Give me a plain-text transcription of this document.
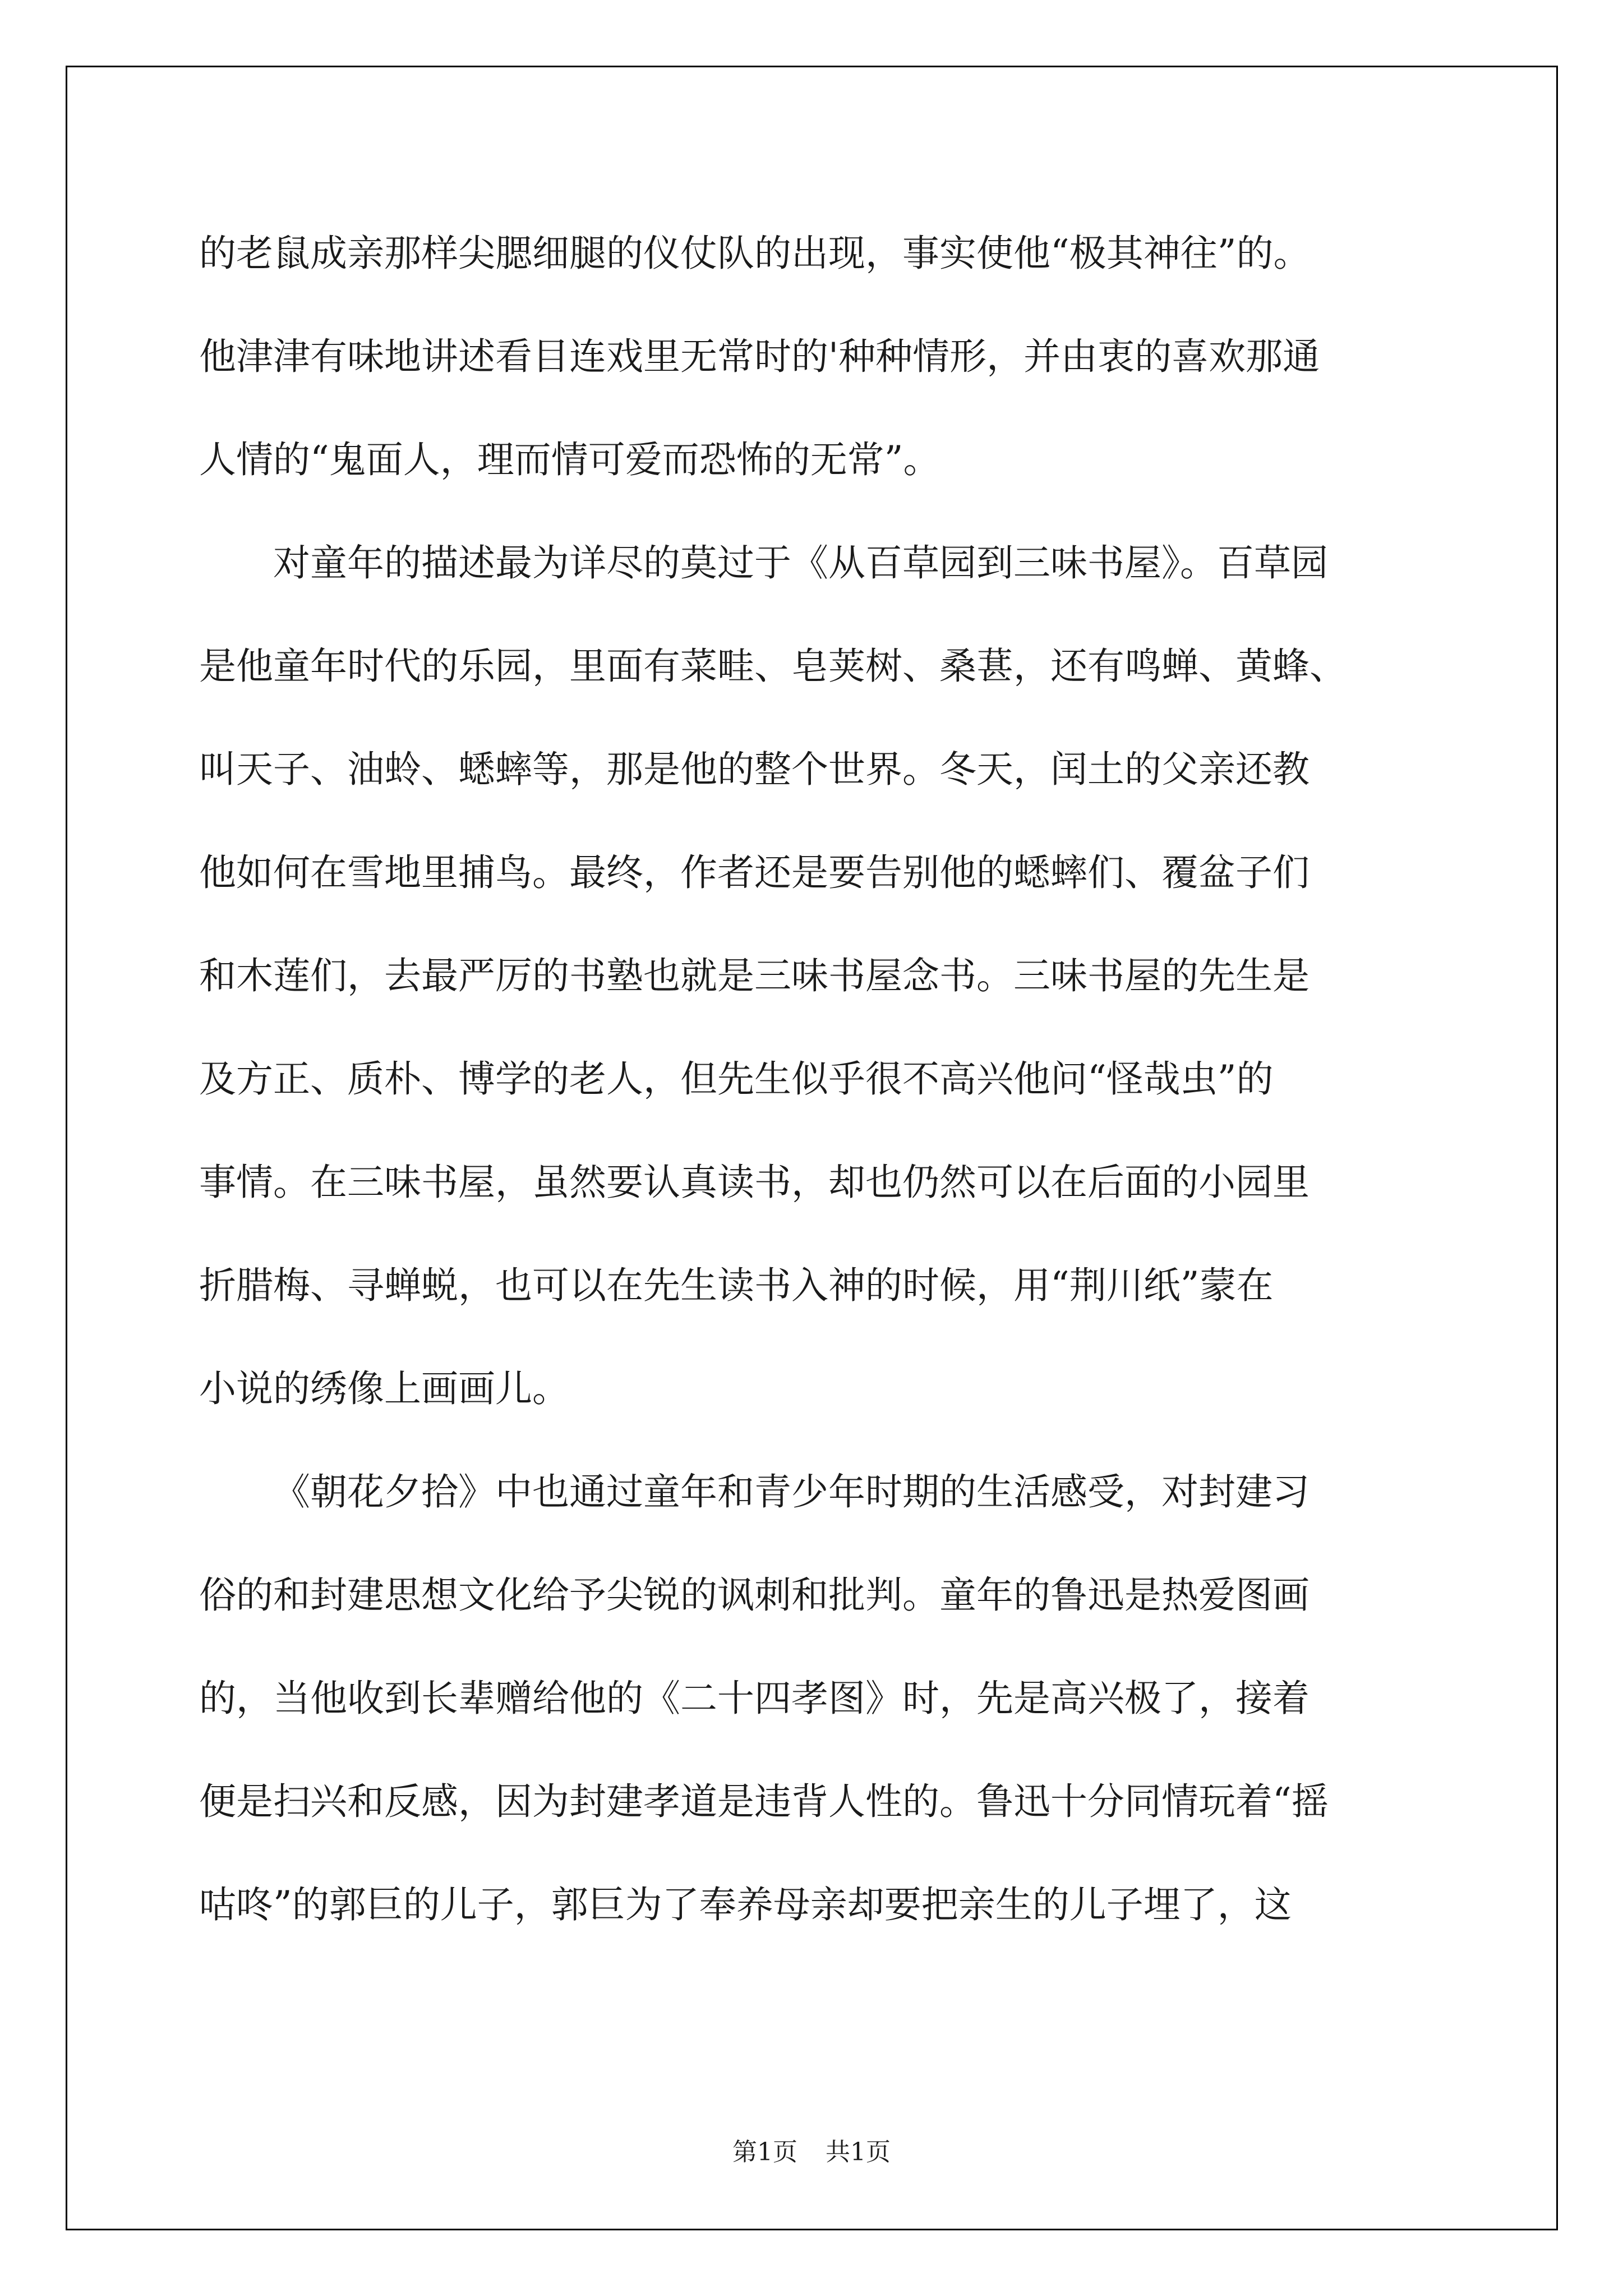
的老鼠成亲那样尖腮细腿的仪仗队的出现，事实使他“极其神往”的。
他津津有味地讲述看目连戏里无常时的'种种情形，并由衷的喜欢那通
人情的“鬼面人，理而情可爱而恐怖的无常”。
对童年的描述最为详尽的莫过于《从百草园到三味书屋》。百草园
是他童年时代的乐园，里面有菜畦、皂荚树、桑葚，还有鸣蝉、黄蜂、
叫天子、油蛉、蟋蟀等，那是他的整个世界。冬天，闰土的父亲还教
他如何在雪地里捕鸟。最终，作者还是要告别他的蟋蟀们、覆盆子们
和木莲们，去最严厉的书塾也就是三味书屋念书。三味书屋的先生是
及方正、质朴、博学的老人，但先生似乎很不高兴他问“怪哉虫”的
事情。在三味书屋，虽然要认真读书，却也仍然可以在后面的小园里
折腊梅、寻蝉蜕，也可以在先生读书入神的时候，用“荆川纸”蒙在
小说的绣像上画画儿。
《朝花夕拾》中也通过童年和青少年时期的生活感受，对封建习
俗的和封建思想文化给予尖锐的讽刺和批判。童年的鲁迅是热爱图画
的，当他收到长辈赠给他的《二十四孝图》时，先是高兴极了，接着
便是扫兴和反感，因为封建孝道是违背人性的。鲁迅十分同情玩着“摇
咕咚”的郭巨的儿子，郭巨为了奉养母亲却要把亲生的儿子埋了，这
第1页 共1页
